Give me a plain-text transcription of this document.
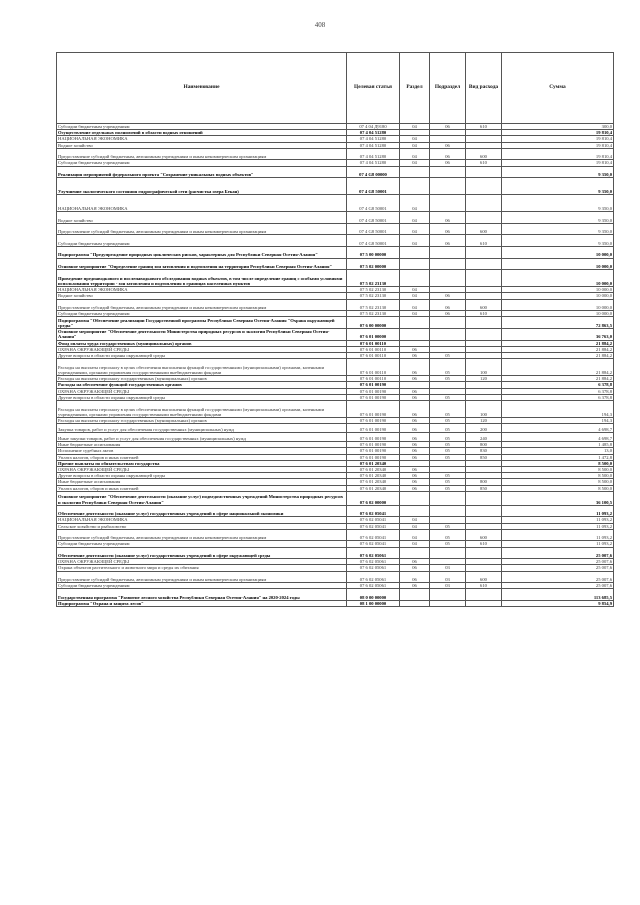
408
Наименование	Целевая статья	Раздел	Подраздел	Вид расхода	Сумма
Субсидии бюджетным учреждениям	07 4 04 Д9180	04	06	610	300,0
Осуществление отдельных полномочий в области водных отношений	07 4 04 51280				19 810,4
НАЦИОНАЛЬНАЯ ЭКОНОМИКА	07 4 04 51280	04			19 810,4
Водное хозяйство	07 4 04 51280	04	06		19 810,4
Предоставление субсидий бюджетным, автономным учреждениям и иным некоммерческим организациям	07 4 04 51280	04	06	600	19 810,4
Субсидии бюджетным учреждениям	07 4 04 51280	04	06	610	19 810,4
Реализация мероприятий федерального проекта "Сохранение уникальных водных объектов"	07 4 G8 00000				9 350,0
Улучшение экологического состояния гидрографической сети (расчистка озера Бекан)	07 4 G8 50001				9 350,0
НАЦИОНАЛЬНАЯ ЭКОНОМИКА	07 4 G8 50001	04			9 350,0
Водное хозяйство	07 4 G8 50001	04	06		9 350,0
Предоставление субсидий бюджетным, автономным учреждениям и иным некоммерческим организациям	07 4 G8 50001	04	06	600	9 350,0
Субсидии бюджетным учреждениям	07 4 G8 50001	04	06	610	9 350,0
Подпрограмма "Предупреждение природных циклических рисков, характерных для Республики Северная Осетия-Алания"	07 5 00 00000				10 000,0
Основное мероприятие "Определение границ зон затопления и подтопления на территории Республики Северная Осетия-Алания"	07 5 02 00000				10 000,0
Проведение предпаводкового и послепаводкового обследования водных объектов, в том числе определение границ с особыми условиями использования территории - зон затопления и подтопления в границах населенных пунктов	07 5 02 23130				10 000,0
НАЦИОНАЛЬНАЯ ЭКОНОМИКА	07 5 02 23130	04			10 000,0
Водное хозяйство	07 5 02 23130	04	06		10 000,0
Предоставление субсидий бюджетным, автономным учреждениям и иным некоммерческим организациям	07 5 02 23130	04	06	600	10 000,0
Субсидии бюджетным учреждениям	07 5 02 23130	04	06	610	10 000,0
Подпрограмма "Обеспечение реализации Государственной программы Республики Северная Осетия-Алания "Охрана окружающей среды"	07 6 00 00000				72 863,5
Основное мероприятие "Обеспечение деятельности Министерства природных ресурсов и экологии Республики Северная Осетия-Алания"	07 6 01 00000				36 763,0
Фонд оплаты труда государственных (муниципальных) органов	07 6 01 00110				21 884,2
ОХРАНА ОКРУЖАЮЩЕЙ СРЕДЫ	07 6 01 00110	06			21 884,2
Другие вопросы в области охраны окружающей среды	07 6 01 00110	06	05		21 884,2
Расходы на выплаты персоналу в целях обеспечения выполнения функций государственными (муниципальными) органами, казенными учреждениями, органами управления государственными внебюджетными фондами	07 6 01 00110	06	05	100	21 884,2
Расходы на выплаты персоналу государственных (муниципальных) органов	07 6 01 00110	06	05	120	21 884,2
Расходы на обеспечение функций государственных органов	07 6 01 00190				6 378,8
ОХРАНА ОКРУЖАЮЩЕЙ СРЕДЫ	07 6 01 00190	06			6 378,8
Другие вопросы в области охраны окружающей среды	07 6 01 00190	06	05		6 378,8
Расходы на выплаты персоналу в целях обеспечения выполнения функций государственными (муниципальными) органами, казенными учреждениями, органами управления государственными внебюджетными фондами	07 6 01 00190	06	05	100	194,3
Расходы на выплаты персоналу государственных (муниципальных) органов	07 6 01 00190	06	05	120	194,3
Закупка товаров, работ и услуг для обеспечения государственных (муниципальных) нужд	07 6 01 00190	06	05	200	4 698,7
Иные закупки товаров, работ и услуг для обеспечения государственных (муниципальных) нужд	07 6 01 00190	06	05	240	4 698,7
Иные бюджетные ассигнования	07 6 01 00190	06	05	800	1 485,8
Исполнение судебных актов	07 6 01 00190	06	05	830	13,0
Уплата налогов, сборов и иных платежей	07 6 01 00190	06	05	850	1 472,8
Прочие выплаты по обязательствам государства	07 6 01 20340				8 500,0
ОХРАНА ОКРУЖАЮЩЕЙ СРЕДЫ	07 6 01 20340	06			8 500,0
Другие вопросы в области охраны окружающей среды	07 6 01 20340	06	05		8 500,0
Иные бюджетные ассигнования	07 6 01 20340	06	05	800	8 500,0
Уплата налогов, сборов и иных платежей	07 6 01 20340	06	05	850	8 500,0
Основное мероприятие "Обеспечение деятельности (оказание услуг) подведомственных учреждений Министерства природных ресурсов и экологии Республики Северная Осетия-Алания"	07 6 02 00000				36 100,5
Обеспечение деятельности (оказание услуг) государственных учреждений в сфере национальной экономики	07 6 02 05041				11 093,2
НАЦИОНАЛЬНАЯ ЭКОНОМИКА	07 6 02 05041	04			11 093,2
Сельское хозяйство и рыболовство	07 6 02 05041	04	05		11 093,2
Предоставление субсидий бюджетным, автономным учреждениям и иным некоммерческим организациям	07 6 02 05041	04	05	600	11 093,2
Субсидии бюджетным учреждениям	07 6 02 05041	04	05	610	11 093,2
Обеспечение деятельности (оказание услуг) государственных учреждений в сфере окружающей среды	07 6 02 05061				25 007,6
ОХРАНА ОКРУЖАЮЩЕЙ СРЕДЫ	07 6 02 05061	06			25 007,6
Охрана объектов растительного и животного мира и среды их обитания	07 6 02 05061	06	03		25 007,6
Предоставление субсидий бюджетным, автономным учреждениям и иным некоммерческим организациям	07 6 02 05061	06	03	600	25 007,6
Субсидии бюджетным учреждениям	07 6 02 05061	06	03	610	25 007,6
Государственная программа "Развитие лесного хозяйства Республики Северная Осетия-Алания" на 2020-2024 годы	08 0 00 00000				113 685,5
Подпрограмма "Охрана и защита лесов"	08 1 00 00000				9 854,9
